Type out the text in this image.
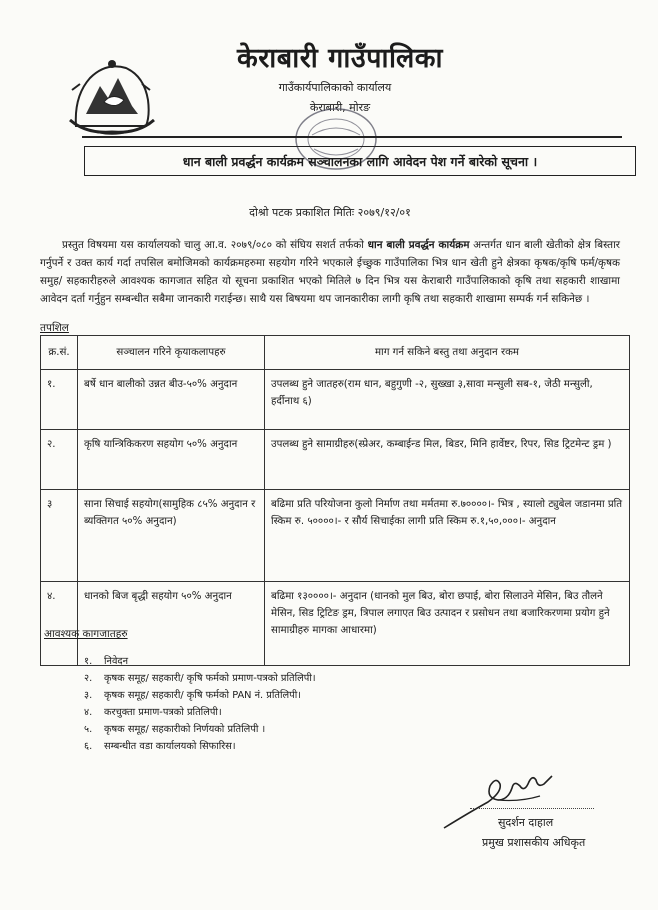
केराबारी गाउँपालिका
गाउँकार्यपालिकाको कार्यालय
केराबारी, मोरङ
धान बाली प्रवर्द्धन कार्यक्रम सञ्चालनका लागि आवेदन पेश गर्ने बारेको सूचना ।
दोश्रो पटक प्रकाशित मितिः २०७९/१२/०१
प्रस्तुत विषयमा यस कार्यालयको चालु आ.व. २०७९/०८० को संघिय सशर्त तर्फको धान बाली प्रवर्द्धन कार्यक्रम अन्तर्गत धान बाली खेतीको क्षेत्र बिस्तार गर्नुपर्ने र उक्त कार्य गर्दा तपसिल बमोजिमको कार्यक्रमहरुमा सहयोग गरिने भएकाले ईच्छुक गाउँपालिका भित्र धान खेती हुने क्षेत्रका कृषक/कृषि फर्म/कृषक समुह/ सहकारीहरुले आवश्यक कागजात सहित यो सूचना प्रकाशित भएको मितिले ७ दिन भित्र यस केराबारी गाउँपालिकाको कृषि तथा सहकारी शाखामा आवेदन दर्ता गर्नुहुन सम्बन्धीत सबैमा जानकारी गराईन्छ। साथै यस बिषयमा थप जानकारीका लागी कृषि तथा सहकारी शाखामा सम्पर्क गर्न सकिनेछ ।
तपशिल
क्र.सं.	सञ्चालन गरिने कृयाकलापहरु	माग गर्न सकिने बस्तु तथा अनुदान रकम
१.	बर्षे धान बालीको उन्नत बीउ-५०% अनुदान	उपलब्ध हुने जातहरु(राम धान, बहुगुणी -२, सुख्खा ३,सावा मन्सुली सब-१, जेठी मन्सुली, हर्दीनाथ ६)
२.	कृषि यान्त्रिकिकरण सहयोग ५०% अनुदान	उपलब्ध हुने सामाग्रीहरु(स्प्रेअर, कम्बाईन्ड मिल, बिडर, मिनि हार्वेष्टर, रिपर, सिड ट्रिटमेन्ट ड्रम )
३	साना सिचाई सहयोग(सामुहिक ८५% अनुदान र ब्यक्तिगत ५०% अनुदान)	बढिमा प्रति परियोजना कुलो निर्माण तथा मर्मतमा रु.७००००।- भित्र , स्यालो ट्युबेल जडानमा प्रति स्किम रु. ५००००।- र सौर्य सिचाईका लागी प्रति स्किम रु.१,५०,०००।- अनुदान
४.	धानको बिज बृद्धी सहयोग ५०% अनुदान	बढिमा १३००००।- अनुदान (धानको मुल बिउ, बोरा छपाई, बोरा सिलाउने मेसिन, बिउ तौलने मेसिन, सिड ट्रिटिङ ड्रम, त्रिपाल लगाएत बिउ उत्पादन र प्रसोधन तथा बजारिकरणमा प्रयोग हुने सामाग्रीहरु मागका आधारमा)
आवश्यक कागजातहरु
१.	निवेदन
२.	कृषक समूह/ सहकारी/ कृषि फर्मको प्रमाण-पत्रको प्रतिलिपी।
३.	कृषक समूह/ सहकारी/ कृषि फर्मको PAN नं. प्रतिलिपी।
४.	करचुक्ता प्रमाण-पत्रको प्रतिलिपी।
५.	कृषक समूह/ सहकारीको निर्णयको प्रतिलिपी ।
६.	सम्बन्धीत वडा कार्यालयको सिफारिस।
सुदर्शन दाहाल
प्रमुख प्रशासकीय अधिकृत
